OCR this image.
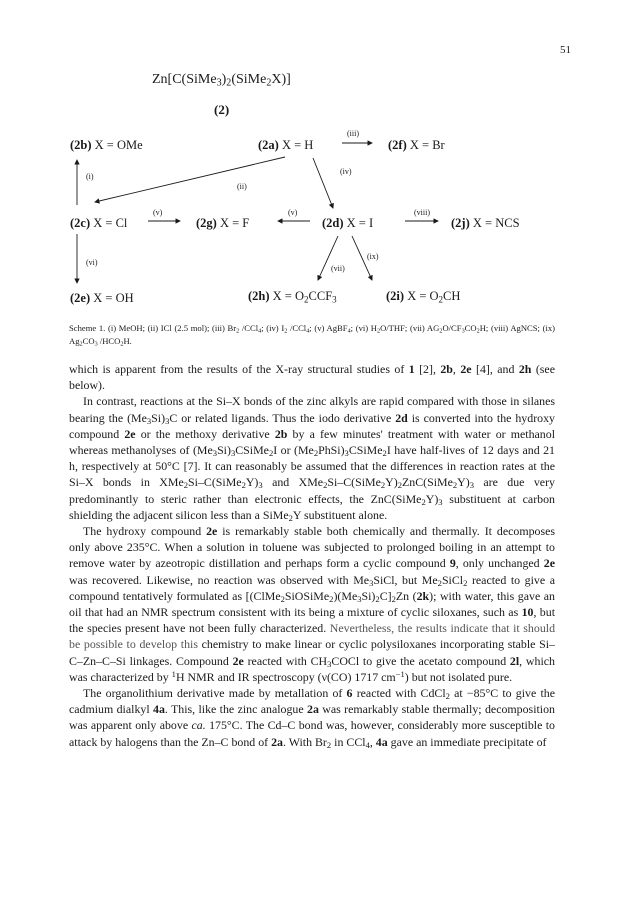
51
$Zn[C(SiMe_3)_2(SiMe_2X)]$
(2)
(2b) X = OMe	(2a) X = H	(2f) X = Br
(2c) X = Cl	(2g) X = F	(2d) X = I	(2j) X = NCS
(2e) X = OH	(2h) $X = O_2CCF_3$	(2i) $X = O_2CH$
(iii)
(i)
(ii)
(iv)
(v)	(v)	(viii)
(vi)
(vii)
(ix)
Scheme 1. (i) MeOH; (ii) ICl (2.5 mol); (iii) $Br_2$ /CCl$_4$; (iv) $I_2$ /CCl$_4$; (v) AgBF$_4$; (vi) $H_2O$/THF; (vii) $AG_2O/CF_3CO_2H$; (viii) AgNCS; (ix) $Ag_2CO_3$ $/HCO_2H$.

which is apparent from the results of the X-ray structural studies of 1 [2], 2b, 2e [4], and 2h (see below).

In contrast, reactions at the Si–X bonds of the zinc alkyls are rapid compared with those in silanes bearing the $(Me_3Si)_3C$ or related ligands. Thus the iodo derivative 2d is converted into the hydroxy compound 2e or the methoxy derivative 2b by a few minutes' treatment with water or methanol whereas methanolyses of $(Me_3Si)_3CSiMe_2I$ or $(Me_2PhSi)_3CSiMe_2I$ have half-lives of 12 days and 21 h, respectively at 50°C [7]. It can reasonably be assumed that the differences in reaction rates at the Si–X bonds in $XMe_2Si-C(SiMe_2Y)_3$ and $XMe_2Si-C(SiMe_2Y)_2ZnC(SiMe_2Y)_3$ are due very predominantly to steric rather than electronic effects, the $ZnC(SiMe_2Y)_3$ substituent at carbon shielding the adjacent silicon less than a SiMe$_2$Y substituent alone.

The hydroxy compound 2e is remarkably stable both chemically and thermally. It decomposes only above 235°C. When a solution in toluene was subjected to prolonged boiling in an attempt to remove water by azeotropic distillation and perhaps form a cyclic compound 9, only unchanged 2e was recovered. Likewise, no reaction was observed with $Me_3SiCl$, but $Me_2SiCl_2$ reacted to give a compound tentatively formulated as $[(ClMe_2SiOSiMe_2)(Me_3Si)_2C]_2Zn$ (2k); with water, this gave an oil that had an NMR spectrum consistent with its being a mixture of cyclic siloxanes, such as 10, but the species present have not been fully characterized. Nevertheless, the results indicate that it should be possible to develop this chemistry to make linear or cyclic polysiloxanes incorporating stable Si–C–Zn–C–Si linkages. Compound 2e reacted with $CH_3COCl$ to give the acetato compound 2l, which was characterized by $^1$H NMR and IR spectroscopy (ν(CO) 1717 $cm^{-1}$) but not isolated pure.

The organolithium derivative made by metallation of 6 reacted with CdCl$_2$ at −85°C to give the cadmium dialkyl 4a. This, like the zinc analogue 2a was remarkably stable thermally; decomposition was apparent only above ca. 175°C. The Cd–C bond was, however, considerably more susceptible to attack by halogens than the Zn–C bond of 2a. With $Br_2$ in CCl$_4$, 4a gave an immediate precipitate of
